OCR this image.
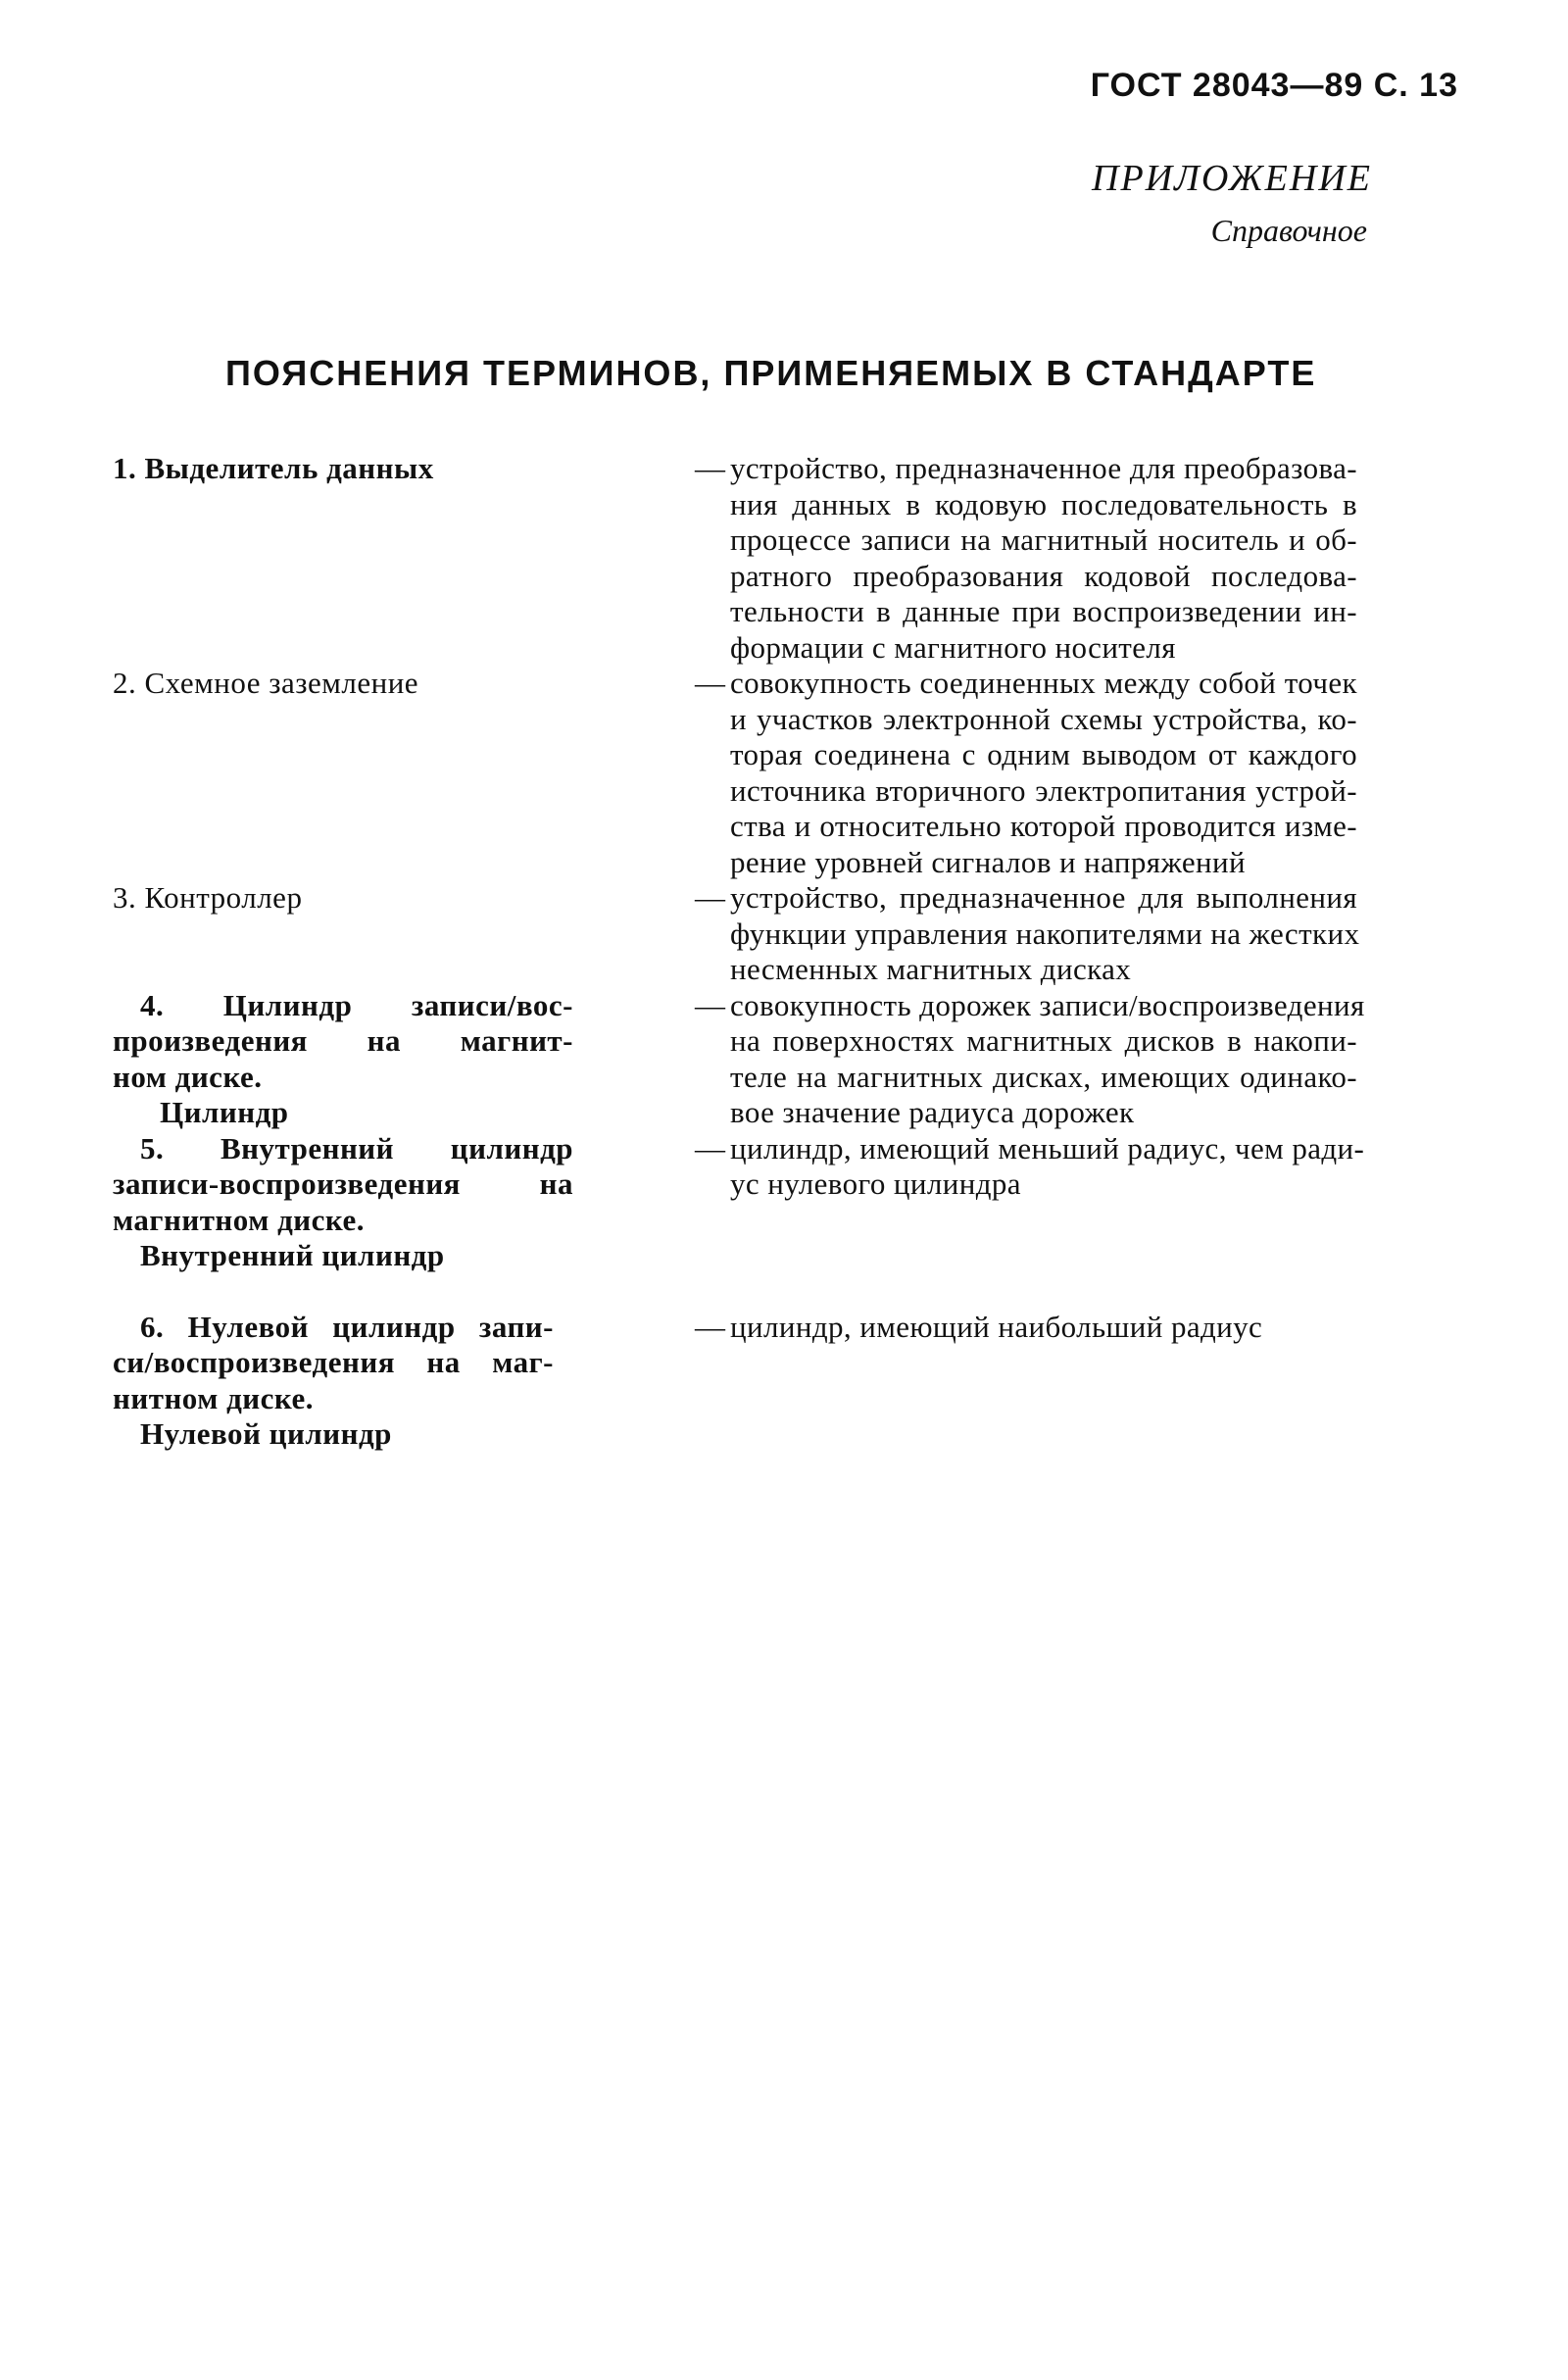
ГОСТ 28043—89 С. 13
ПРИЛОЖЕНИЕ
Справочное
ПОЯСНЕНИЯ ТЕРМИНОВ, ПРИМЕНЯЕМЫХ В СТАНДАРТЕ
1. Выделитель данных	— устройство, предназначенное для преобразова-
ния данных в кодовую последовательность в
процессе записи на магнитный носитель и об-
ратного преобразования кодовой последова-
тельности в данные при воспроизведении ин-
формации с магнитного носителя
2. Схемное заземление	— совокупность соединенных между собой точек
и участков электронной схемы устройства, ко-
торая соединена с одним выводом от каждого
источника вторичного электропитания устрой-
ства и относительно которой проводится изме-
рение уровней сигналов и напряжений
3. Контроллер	— устройство, предназначенное для выполнения
функции управления накопителями на жестких
несменных магнитных дисках
4. Цилиндр записи/вос-
произведения на магнит-
ном диске.
Цилиндр
— совокупность дорожек записи/воспроизведения
на поверхностях магнитных дисков в накопи-
теле на магнитных дисках, имеющих одинако-
вое значение радиуса дорожек
5. Внутренний цилиндр
записи-воспроизведения на
магнитном диске.
Внутренний цилиндр
— цилиндр, имеющий меньший радиус, чем ради-
ус нулевого цилиндра
6. Нулевой цилиндр запи-
си/воспроизведения на маг-
нитном диске.
Нулевой цилиндр
— цилиндр, имеющий наибольший радиус
